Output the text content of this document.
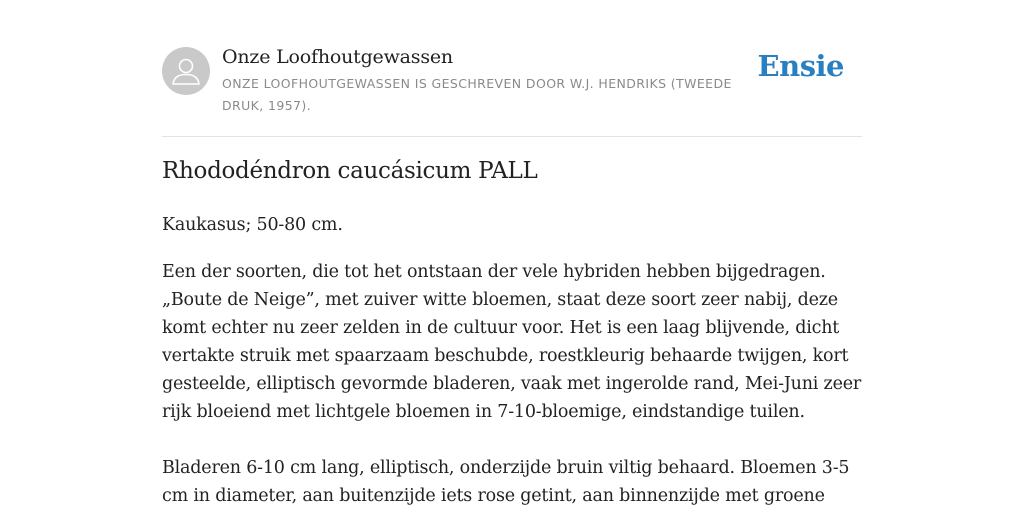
Onze Loofhoutgewassen
ONZE LOOFHOUTGEWASSEN IS GESCHREVEN DOOR W.J. HENDRIKS (TWEEDE DRUK, 1957).
Ensie
Rhododéndron caucásicum PALL

Kaukasus; 50-80 cm.

Een der soorten, die tot het ontstaan der vele hybriden hebben bijgedragen. „Boute de Neige”, met zuiver witte bloemen, staat deze soort zeer nabij, deze komt echter nu zeer zelden in de cultuur voor. Het is een laag blijvende, dicht vertakte struik met spaarzaam beschubde, roestkleurig behaarde twijgen, kort gesteelde, elliptisch gevormde bladeren, vaak met ingerolde rand, Mei-Juni zeer rijk bloeiend met lichtgele bloemen in 7-10-bloemige, eindstandige tuilen.

Bladeren 6-10 cm lang, elliptisch, onderzijde bruin viltig behaard. Bloemen 3-5 cm in diameter, aan buitenzijde iets rose getint, aan binnenzijde met groene
